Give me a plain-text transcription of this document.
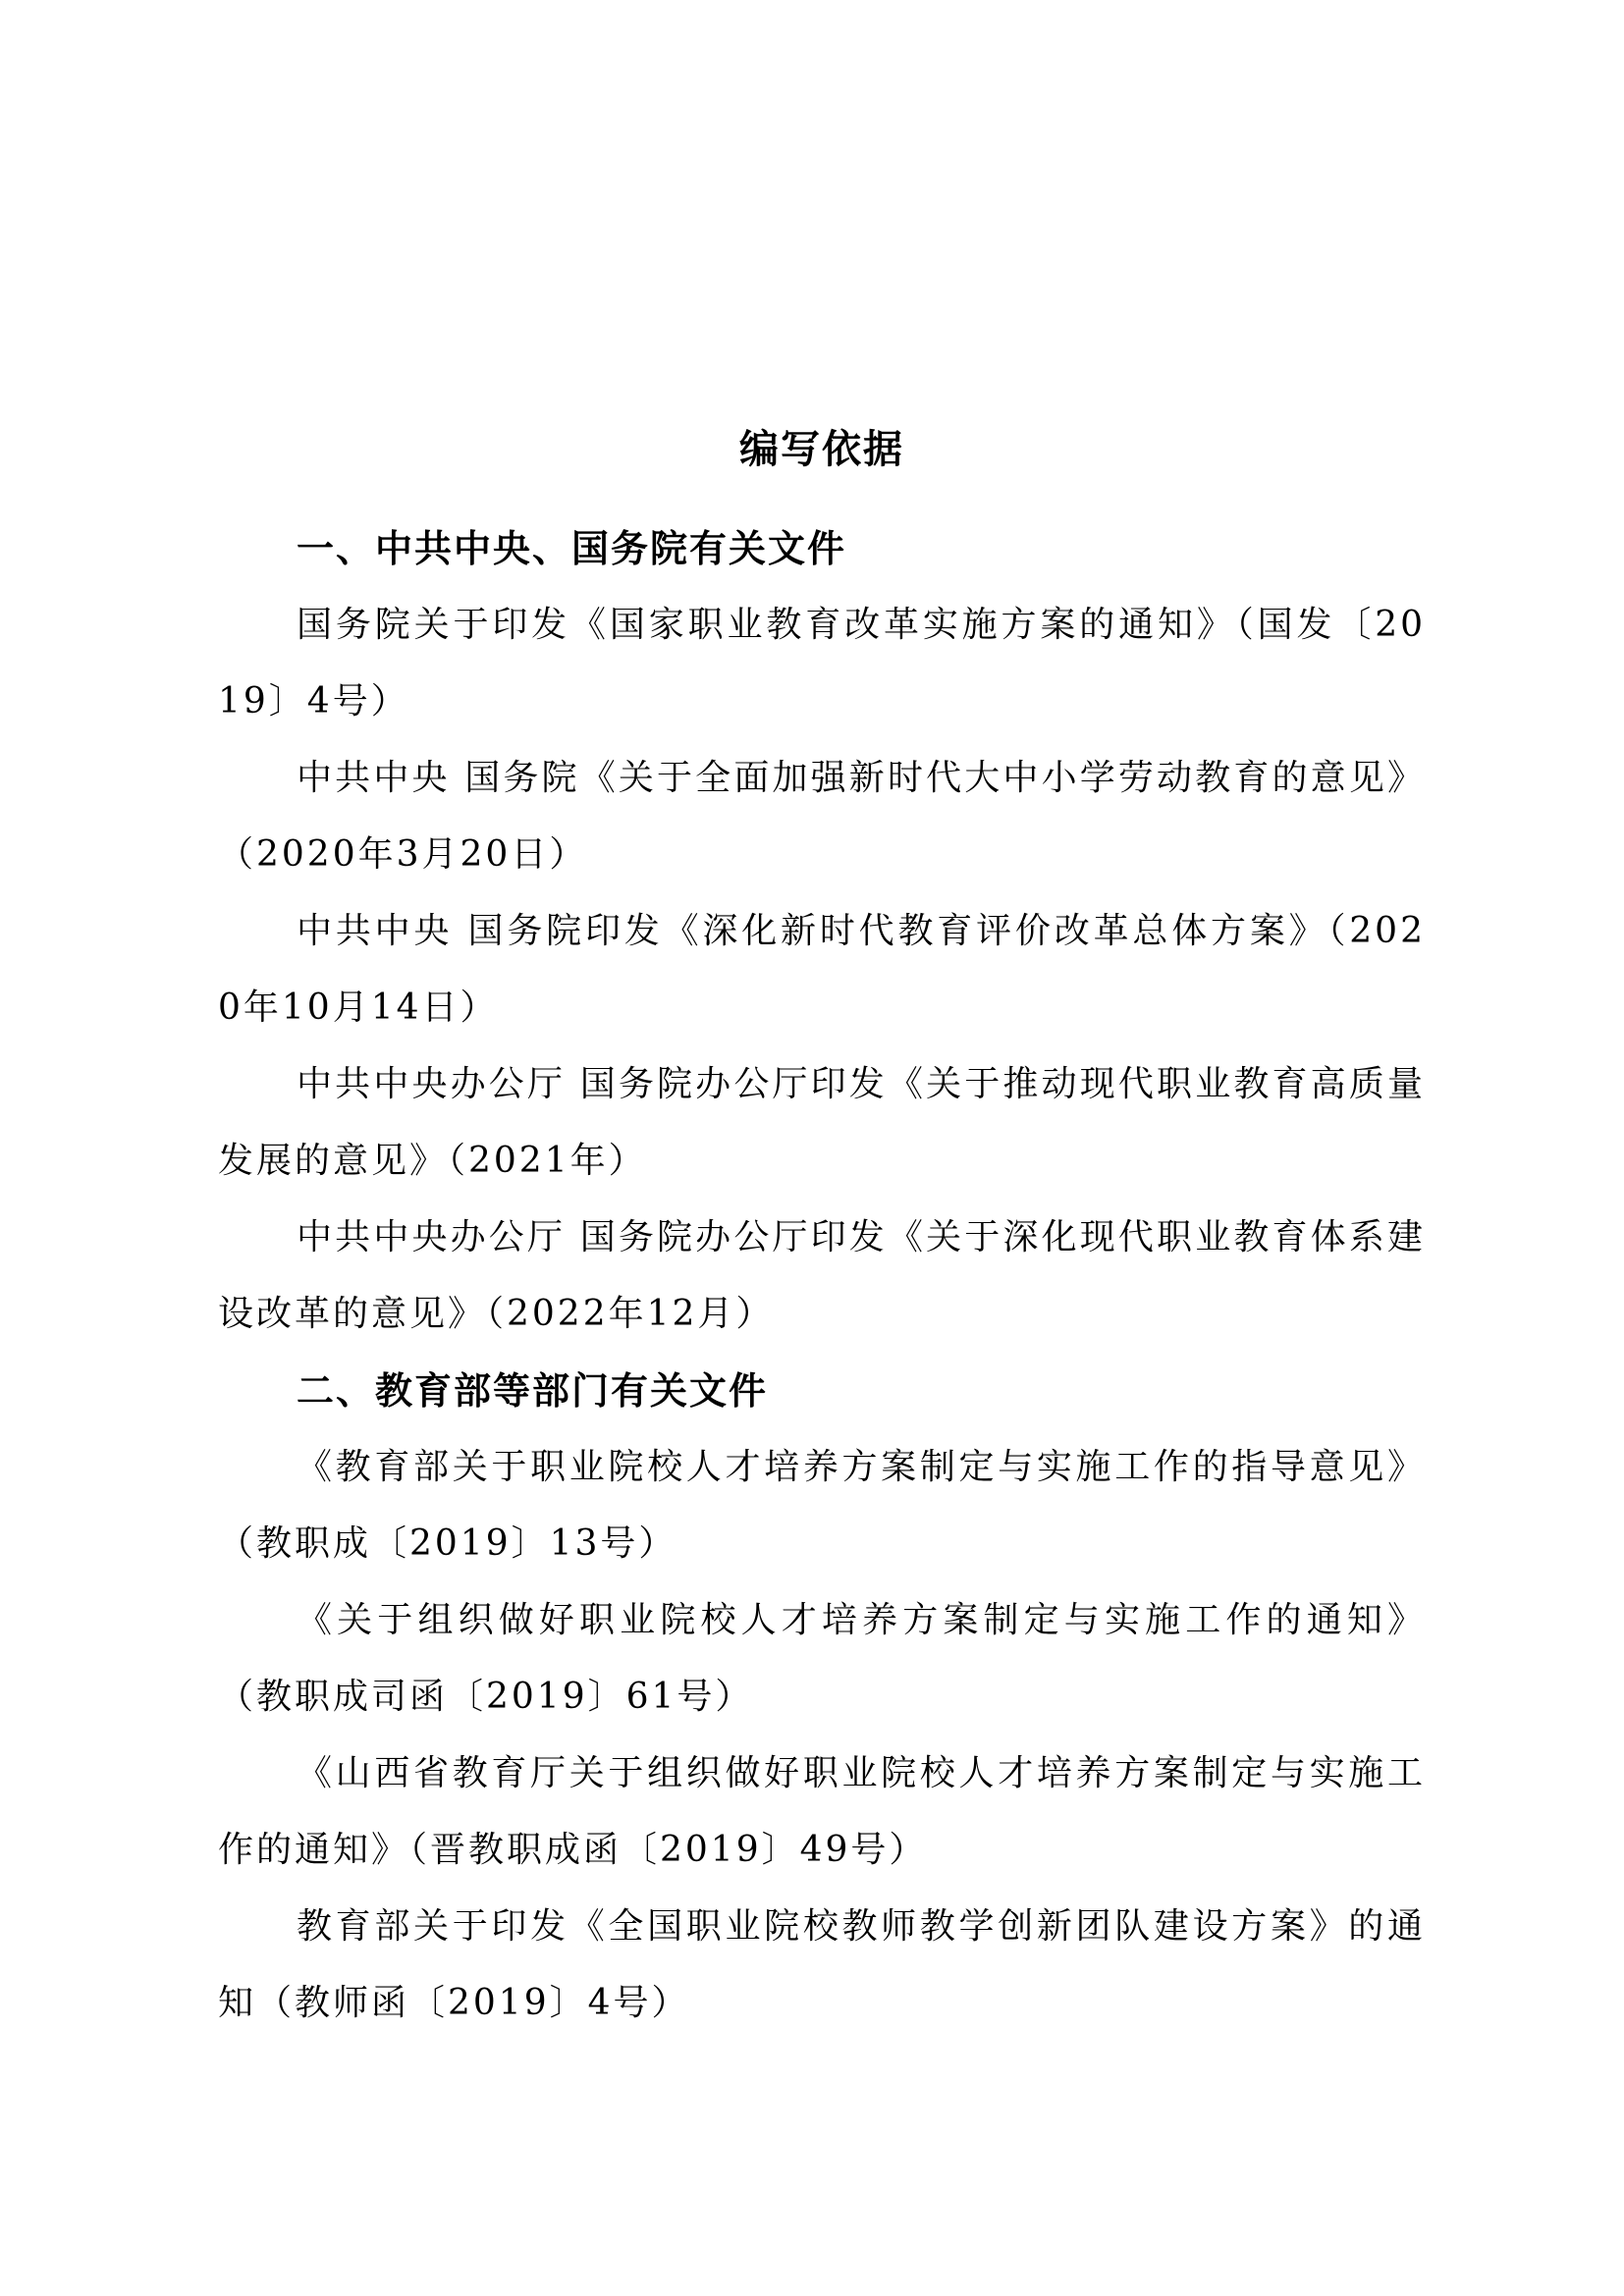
编写依据
一、中共中央、国务院有关文件

国务院关于印发《国家职业教育改革实施方案的通知》（国发〔2019〕4号）

中共中央 国务院《关于全面加强新时代大中小学劳动教育的意见》（2020年3月20日）

中共中央 国务院印发《深化新时代教育评价改革总体方案》（2020年10月14日）

中共中央办公厅 国务院办公厅印发《关于推动现代职业教育高质量发展的意见》（2021年）

中共中央办公厅 国务院办公厅印发《关于深化现代职业教育体系建设改革的意见》（2022年12月）

二、教育部等部门有关文件

《教育部关于职业院校人才培养方案制定与实施工作的指导意见》（教职成〔2019〕13号）

《关于组织做好职业院校人才培养方案制定与实施工作的通知》（教职成司函〔2019〕61号）

《山西省教育厅关于组织做好职业院校人才培养方案制定与实施工作的通知》（晋教职成函〔2019〕49号）

教育部关于印发《全国职业院校教师教学创新团队建设方案》的通知（教师函〔2019〕4号）
